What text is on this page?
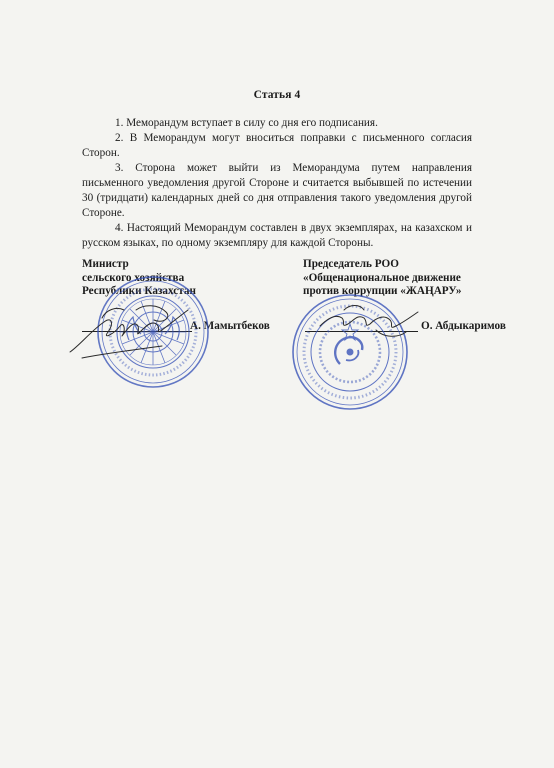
Статья 4

1. Меморандум вступает в силу со дня его подписания.

2. В Меморандум могут вноситься поправки с письменного согласия Сторон.

3. Сторона может выйти из Меморандума путем направления письменного уведомления другой Стороне и считается выбывшей по истечении 30 (тридцати) календарных дней со дня отправления такого уведомления другой Стороне.

4. Настоящий Меморандум составлен в двух экземплярах, на казахском и русском языках, по одному экземпляру для каждой Стороны.

Министр
сельского хозяйства
Республики Казахстан
А. Мамытбеков
Председатель РОО
«Общенациональное движение
против коррупции «ЖАҢАРУ»
О. Абдыкаримов
